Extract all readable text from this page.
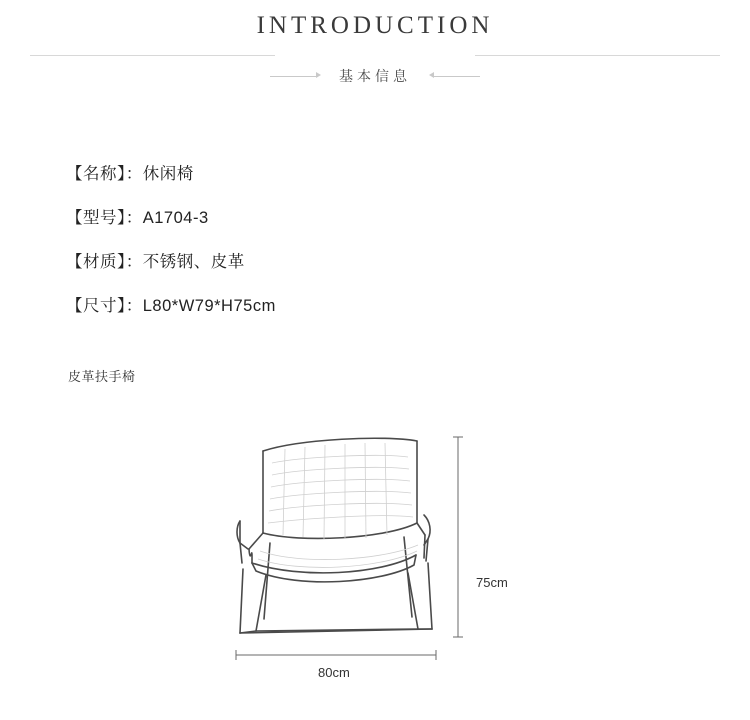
INTRODUCTION
基本信息
【名称】：休闲椅
【型号】：A1704-3
【材质】：不锈钢、皮革
【尺寸】：L80*W79*H75cm
皮革扶手椅
75cm
80cm
